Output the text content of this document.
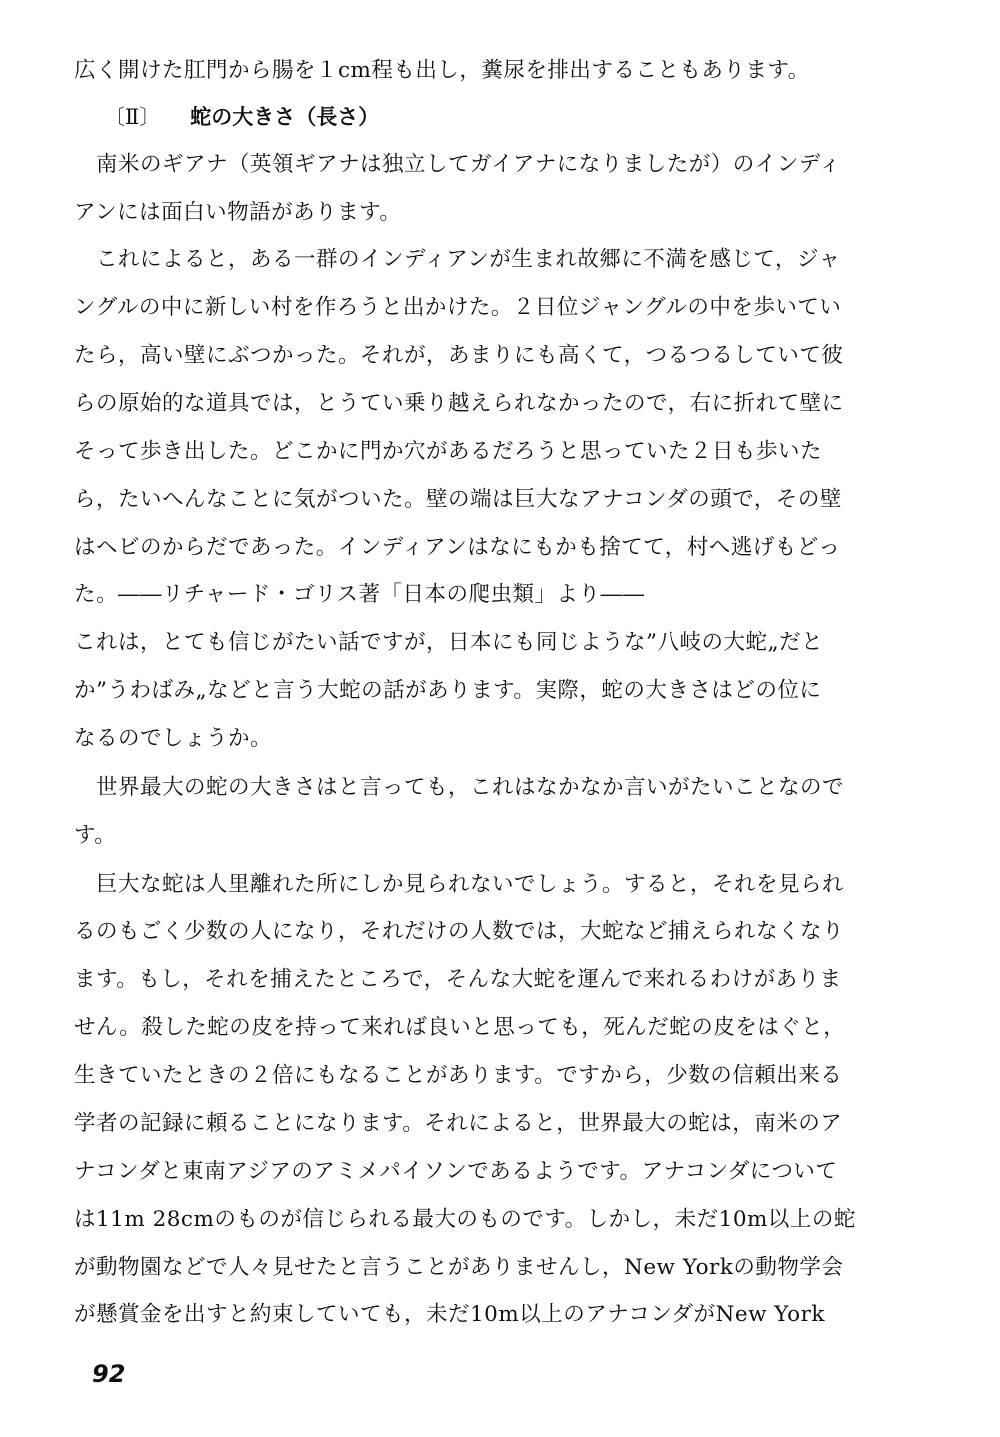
広く開けた肛門から腸を１cm程も出し，糞尿を排出することもあります。
〔Ⅱ〕 蛇の大きさ（長さ）
南米のギアナ（英領ギアナは独立してガイアナになりましたが）のインディ
アンには面白い物語があります。
これによると，ある一群のインディアンが生まれ故郷に不満を感じて，ジャ
ングルの中に新しい村を作ろうと出かけた。２日位ジャングルの中を歩いてい
たら，高い壁にぶつかった。それが，あまりにも高くて，つるつるしていて彼
らの原始的な道具では，とうてい乗り越えられなかったので，右に折れて壁に
そって歩き出した。どこかに門か穴があるだろうと思っていた２日も歩いた
ら，たいへんなことに気がついた。壁の端は巨大なアナコンダの頭で，その壁
はヘビのからだであった。インディアンはなにもかも捨てて，村へ逃げもどっ
た。――リチャード・ゴリス著「日本の爬虫類」より――
これは，とても信じがたい話ですが，日本にも同じような”八岐の大蛇„だと
か”うわばみ„などと言う大蛇の話があります。実際，蛇の大きさはどの位に
なるのでしょうか。
世界最大の蛇の大きさはと言っても，これはなかなか言いがたいことなので
す。
巨大な蛇は人里離れた所にしか見られないでしょう。すると，それを見られ
るのもごく少数の人になり，それだけの人数では，大蛇など捕えられなくなり
ます。もし，それを捕えたところで，そんな大蛇を運んで来れるわけがありま
せん。殺した蛇の皮を持って来れば良いと思っても，死んだ蛇の皮をはぐと，
生きていたときの２倍にもなることがあります。ですから，少数の信頼出来る
学者の記録に頼ることになります。それによると，世界最大の蛇は，南米のア
ナコンダと東南アジアのアミメパイソンであるようです。アナコンダについて
は11m 28cmのものが信じられる最大のものです。しかし，未だ10m以上の蛇
が動物園などで人々見せたと言うことがありませんし，New Yorkの動物学会
が懸賞金を出すと約束していても，未だ10m以上のアナコンダがNew York
92
